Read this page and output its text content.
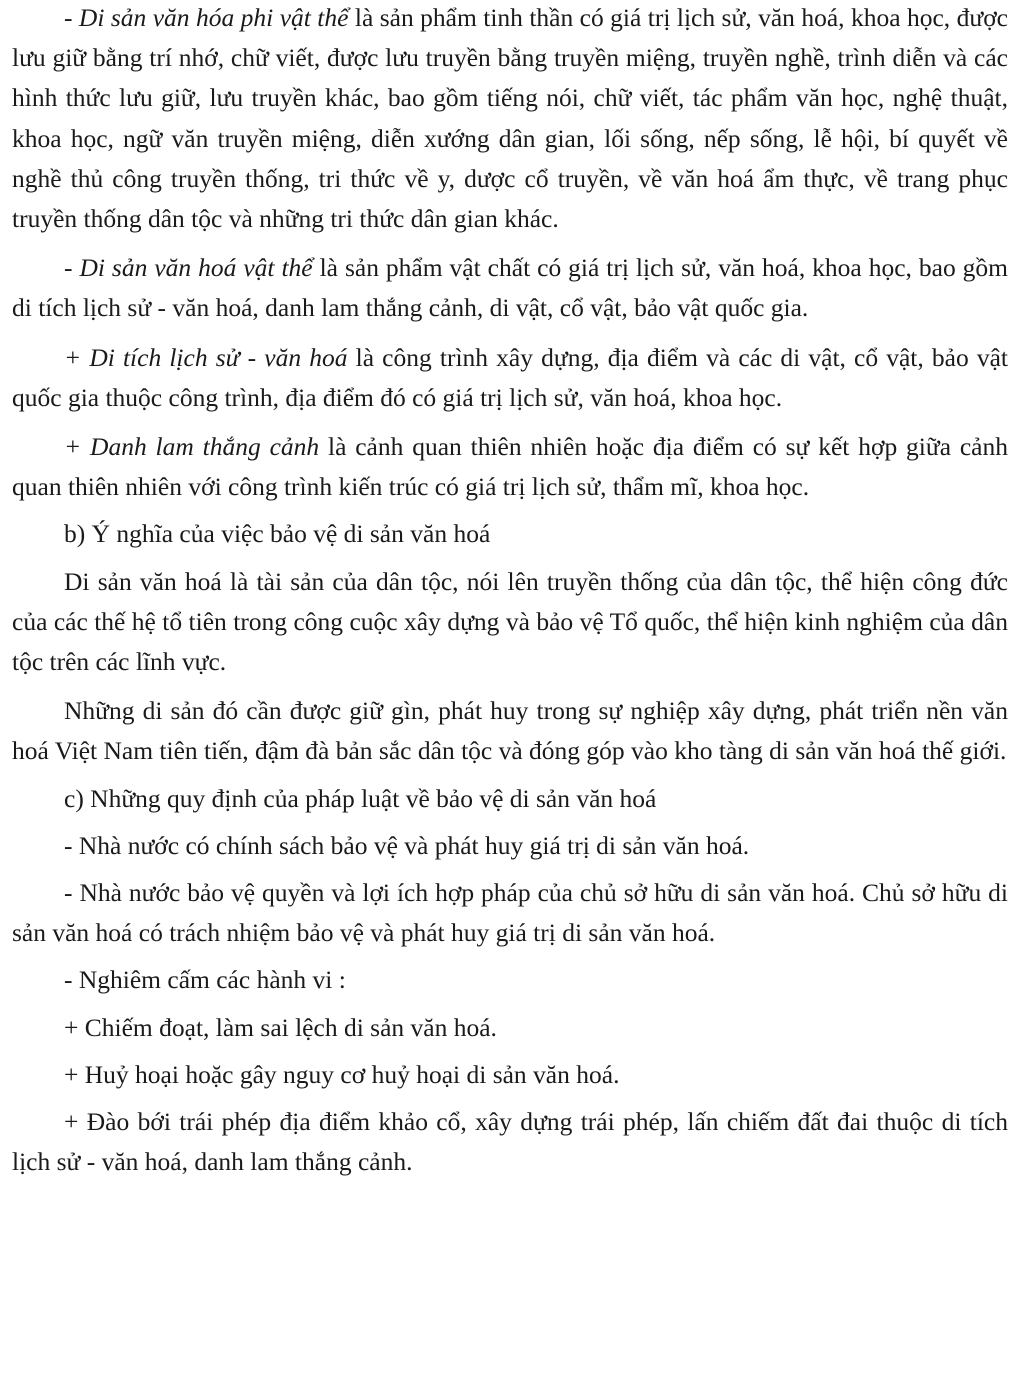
- Di sản văn hóa phi vật thể là sản phẩm tinh thần có giá trị lịch sử, văn hoá, khoa học, được lưu giữ bằng trí nhớ, chữ viết, được lưu truyền bằng truyền miệng, truyền nghề, trình diễn và các hình thức lưu giữ, lưu truyền khác, bao gồm tiếng nói, chữ viết, tác phẩm văn học, nghệ thuật, khoa học, ngữ văn truyền miệng, diễn xướng dân gian, lối sống, nếp sống, lễ hội, bí quyết về nghề thủ công truyền thống, tri thức về y, dược cổ truyền, về văn hoá ẩm thực, về trang phục truyền thống dân tộc và những tri thức dân gian khác.

- Di sản văn hoá vật thể là sản phẩm vật chất có giá trị lịch sử, văn hoá, khoa học, bao gồm di tích lịch sử - văn hoá, danh lam thắng cảnh, di vật, cổ vật, bảo vật quốc gia.

+ Di tích lịch sử - văn hoá là công trình xây dựng, địa điểm và các di vật, cổ vật, bảo vật quốc gia thuộc công trình, địa điểm đó có giá trị lịch sử, văn hoá, khoa học.

+ Danh lam thắng cảnh là cảnh quan thiên nhiên hoặc địa điểm có sự kết hợp giữa cảnh quan thiên nhiên với công trình kiến trúc có giá trị lịch sử, thẩm mĩ, khoa học.

b) Ý nghĩa của việc bảo vệ di sản văn hoá

Di sản văn hoá là tài sản của dân tộc, nói lên truyền thống của dân tộc, thể hiện công đức của các thế hệ tổ tiên trong công cuộc xây dựng và bảo vệ Tổ quốc, thể hiện kinh nghiệm của dân tộc trên các lĩnh vực.

Những di sản đó cần được giữ gìn, phát huy trong sự nghiệp xây dựng, phát triển nền văn hoá Việt Nam tiên tiến, đậm đà bản sắc dân tộc và đóng góp vào kho tàng di sản văn hoá thế giới.

c) Những quy định của pháp luật về bảo vệ di sản văn hoá

- Nhà nước có chính sách bảo vệ và phát huy giá trị di sản văn hoá.

- Nhà nước bảo vệ quyền và lợi ích hợp pháp của chủ sở hữu di sản văn hoá. Chủ sở hữu di sản văn hoá có trách nhiệm bảo vệ và phát huy giá trị di sản văn hoá.

- Nghiêm cấm các hành vi :

+ Chiếm đoạt, làm sai lệch di sản văn hoá.

+ Huỷ hoại hoặc gây nguy cơ huỷ hoại di sản văn hoá.

+ Đào bới trái phép địa điểm khảo cổ, xây dựng trái phép, lấn chiếm đất đai thuộc di tích lịch sử - văn hoá, danh lam thắng cảnh.
